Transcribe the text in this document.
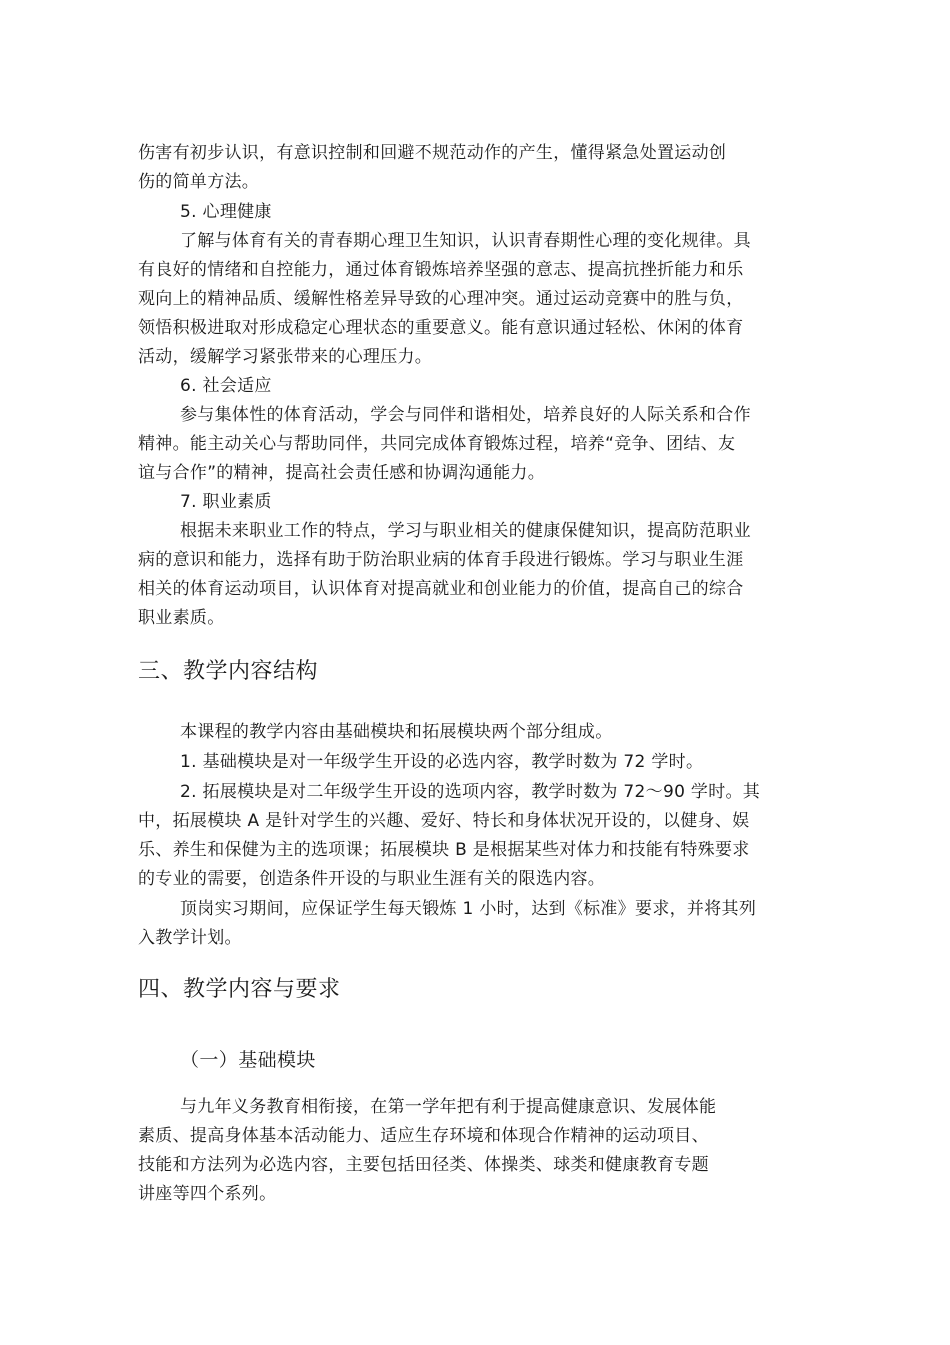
伤害有初步认识，有意识控制和回避不规范动作的产生，懂得紧急处置运动创
伤的简单方法。
5. 心理健康
了解与体育有关的青春期心理卫生知识，认识青春期性心理的变化规律。具
有良好的情绪和自控能力，通过体育锻炼培养坚强的意志、提高抗挫折能力和乐
观向上的精神品质、缓解性格差异导致的心理冲突。通过运动竞赛中的胜与负，
领悟积极进取对形成稳定心理状态的重要意义。能有意识通过轻松、休闲的体育
活动，缓解学习紧张带来的心理压力。
6. 社会适应
参与集体性的体育活动，学会与同伴和谐相处，培养良好的人际关系和合作
精神。能主动关心与帮助同伴，共同完成体育锻炼过程，培养“竞争、团结、友
谊与合作”的精神，提高社会责任感和协调沟通能力。
7. 职业素质
根据未来职业工作的特点，学习与职业相关的健康保健知识，提高防范职业
病的意识和能力，选择有助于防治职业病的体育手段进行锻炼。学习与职业生涯
相关的体育运动项目，认识体育对提高就业和创业能力的价值，提高自己的综合
职业素质。
三、教学内容结构
本课程的教学内容由基础模块和拓展模块两个部分组成。
1. 基础模块是对一年级学生开设的必选内容，教学时数为 72 学时。
2. 拓展模块是对二年级学生开设的选项内容，教学时数为 72～90 学时。其
中，拓展模块 A 是针对学生的兴趣、爱好、特长和身体状况开设的，以健身、娱
乐、养生和保健为主的选项课；拓展模块 B 是根据某些对体力和技能有特殊要求
的专业的需要，创造条件开设的与职业生涯有关的限选内容。
顶岗实习期间，应保证学生每天锻炼 1 小时，达到《标准》要求，并将其列
入教学计划。
四、教学内容与要求
（一）基础模块
与九年义务教育相衔接，在第一学年把有利于提高健康意识、发展体能
素质、提高身体基本活动能力、适应生存环境和体现合作精神的运动项目、
技能和方法列为必选内容，主要包括田径类、体操类、球类和健康教育专题
讲座等四个系列。
